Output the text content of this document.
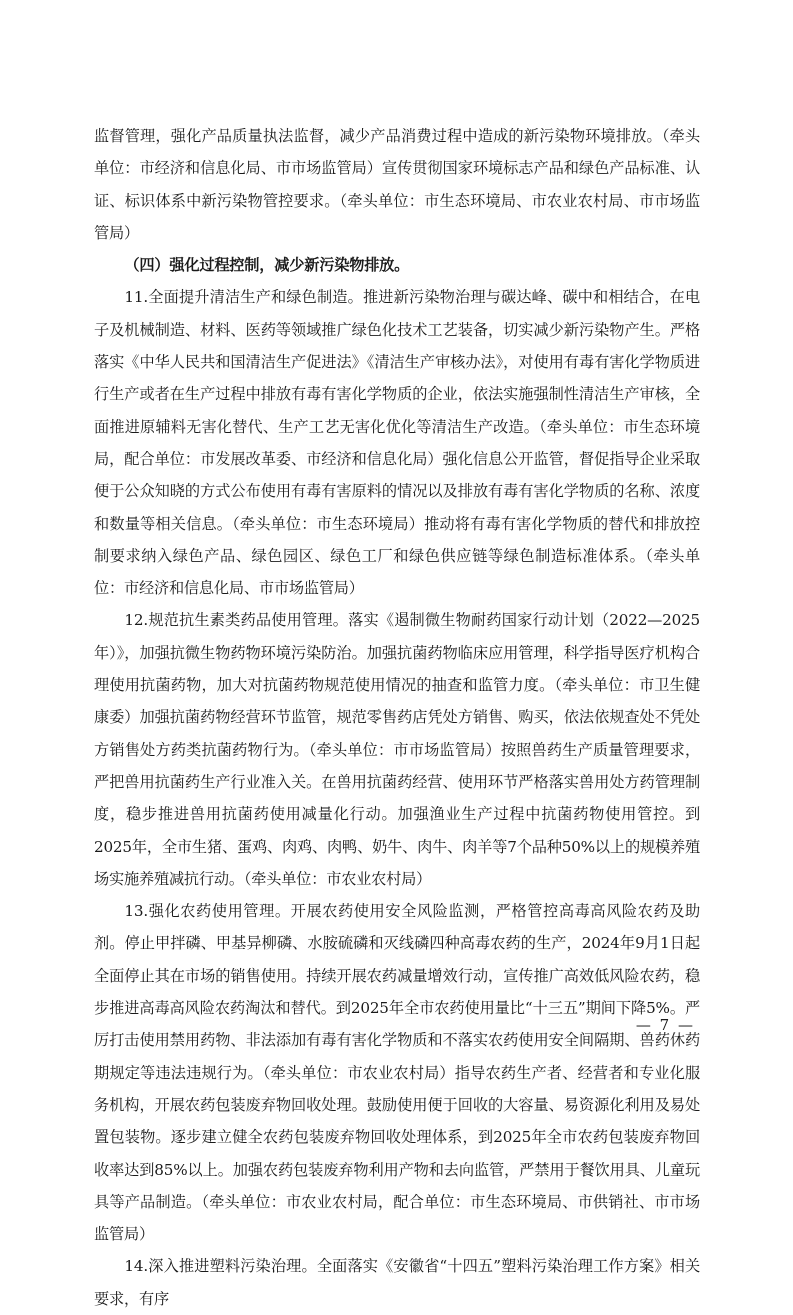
监督管理，强化产品质量执法监督，减少产品消费过程中造成的新污染物环境排放。（牵头单位：市经济和信息化局、市市场监管局）宣传贯彻国家环境标志产品和绿色产品标准、认证、标识体系中新污染物管控要求。（牵头单位：市生态环境局、市农业农村局、市市场监管局）

（四）强化过程控制，减少新污染物排放。

11.全面提升清洁生产和绿色制造。推进新污染物治理与碳达峰、碳中和相结合，在电子及机械制造、材料、医药等领域推广绿色化技术工艺装备，切实减少新污染物产生。严格落实《中华人民共和国清洁生产促进法》《清洁生产审核办法》，对使用有毒有害化学物质进行生产或者在生产过程中排放有毒有害化学物质的企业，依法实施强制性清洁生产审核，全面推进原辅料无害化替代、生产工艺无害化优化等清洁生产改造。（牵头单位：市生态环境局，配合单位：市发展改革委、市经济和信息化局）强化信息公开监管，督促指导企业采取便于公众知晓的方式公布使用有毒有害原料的情况以及排放有毒有害化学物质的名称、浓度和数量等相关信息。（牵头单位：市生态环境局）推动将有毒有害化学物质的替代和排放控制要求纳入绿色产品、绿色园区、绿色工厂和绿色供应链等绿色制造标准体系。（牵头单位：市经济和信息化局、市市场监管局）

12.规范抗生素类药品使用管理。落实《遏制微生物耐药国家行动计划（2022—2025年）》，加强抗微生物药物环境污染防治。加强抗菌药物临床应用管理，科学指导医疗机构合理使用抗菌药物，加大对抗菌药物规范使用情况的抽查和监管力度。（牵头单位：市卫生健康委）加强抗菌药物经营环节监管，规范零售药店凭处方销售、购买，依法依规查处不凭处方销售处方药类抗菌药物行为。（牵头单位：市市场监管局）按照兽药生产质量管理要求，严把兽用抗菌药生产行业准入关。在兽用抗菌药经营、使用环节严格落实兽用处方药管理制度，稳步推进兽用抗菌药使用减量化行动。加强渔业生产过程中抗菌药物使用管控。到2025年，全市生猪、蛋鸡、肉鸡、肉鸭、奶牛、肉牛、肉羊等7个品种50%以上的规模养殖场实施养殖减抗行动。（牵头单位：市农业农村局）

13.强化农药使用管理。开展农药使用安全风险监测，严格管控高毒高风险农药及助剂。停止甲拌磷、甲基异柳磷、水胺硫磷和灭线磷四种高毒农药的生产，2024年9月1日起全面停止其在市场的销售使用。持续开展农药减量增效行动，宣传推广高效低风险农药，稳步推进高毒高风险农药淘汰和替代。到2025年全市农药使用量比“十三五”期间下降5%。严厉打击使用禁用药物、非法添加有毒有害化学物质和不落实农药使用安全间隔期、兽药休药期规定等违法违规行为。（牵头单位：市农业农村局）指导农药生产者、经营者和专业化服务机构，开展农药包装废弃物回收处理。鼓励使用便于回收的大容量、易资源化利用及易处置包装物。逐步建立健全农药包装废弃物回收处理体系，到2025年全市农药包装废弃物回收率达到85%以上。加强农药包装废弃物利用产物和去向监管，严禁用于餐饮用具、儿童玩具等产品制造。（牵头单位：市农业农村局，配合单位：市生态环境局、市供销社、市市场监管局）

14.深入推进塑料污染治理。全面落实《安徽省“十四五”塑料污染治理工作方案》相关要求，有序

— 7 —
